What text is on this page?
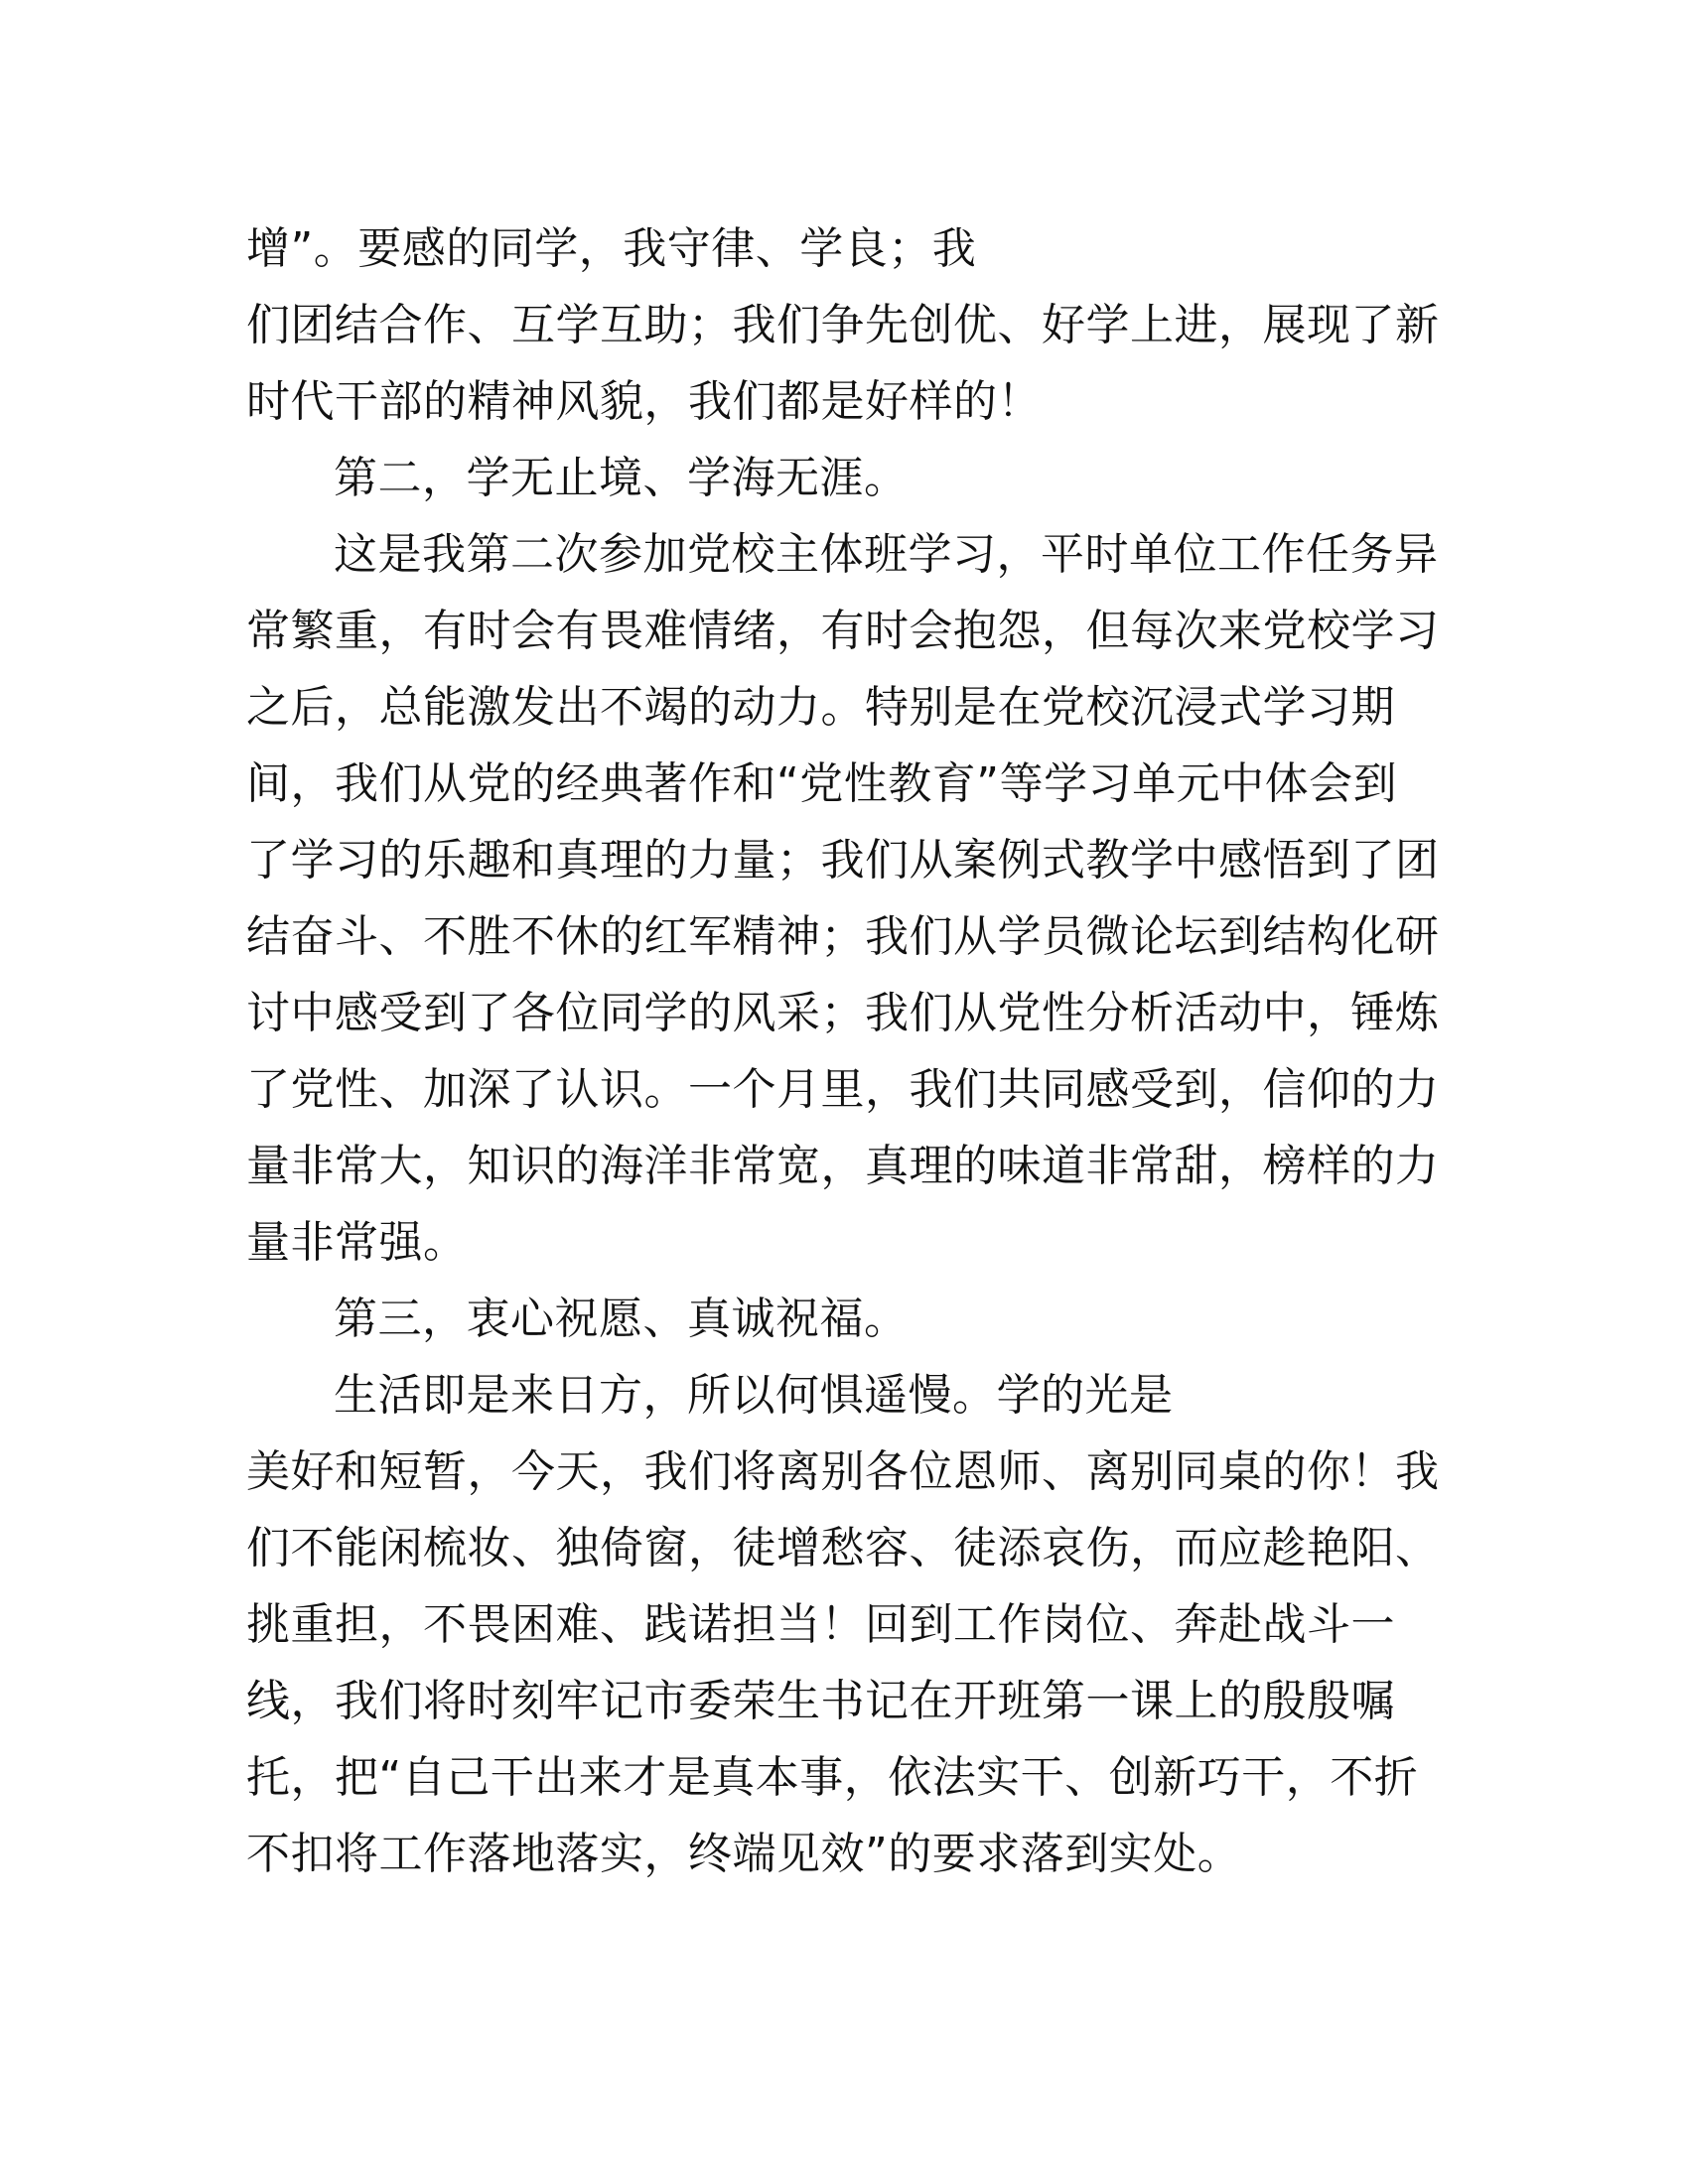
增”。要感的同学，我守律、学良；我
们团结合作、互学互助；我们争先创优、好学上进，展现了新
时代干部的精神风貌，我们都是好样的！
第二，学无止境、学海无涯。
这是我第二次参加党校主体班学习，平时单位工作任务异
常繁重，有时会有畏难情绪，有时会抱怨，但每次来党校学习
之后，总能激发出不竭的动力。特别是在党校沉浸式学习期
间，我们从党的经典著作和“党性教育”等学习单元中体会到
了学习的乐趣和真理的力量；我们从案例式教学中感悟到了团
结奋斗、不胜不休的红军精神；我们从学员微论坛到结构化研
讨中感受到了各位同学的风采；我们从党性分析活动中，锤炼
了党性、加深了认识。一个月里，我们共同感受到，信仰的力
量非常大，知识的海洋非常宽，真理的味道非常甜，榜样的力
量非常强。
第三，衷心祝愿、真诚祝福。
生活即是来日方，所以何惧遥慢。学的光是
美好和短暂，今天，我们将离别各位恩师、离别同桌的你！我
们不能闲梳妆、独倚窗，徒增愁容、徒添哀伤，而应趁艳阳、
挑重担，不畏困难、践诺担当！回到工作岗位、奔赴战斗一
线，我们将时刻牢记市委荣生书记在开班第一课上的殷殷嘱
托，把“自己干出来才是真本事，依法实干、创新巧干，不折
不扣将工作落地落实，终端见效”的要求落到实处。
